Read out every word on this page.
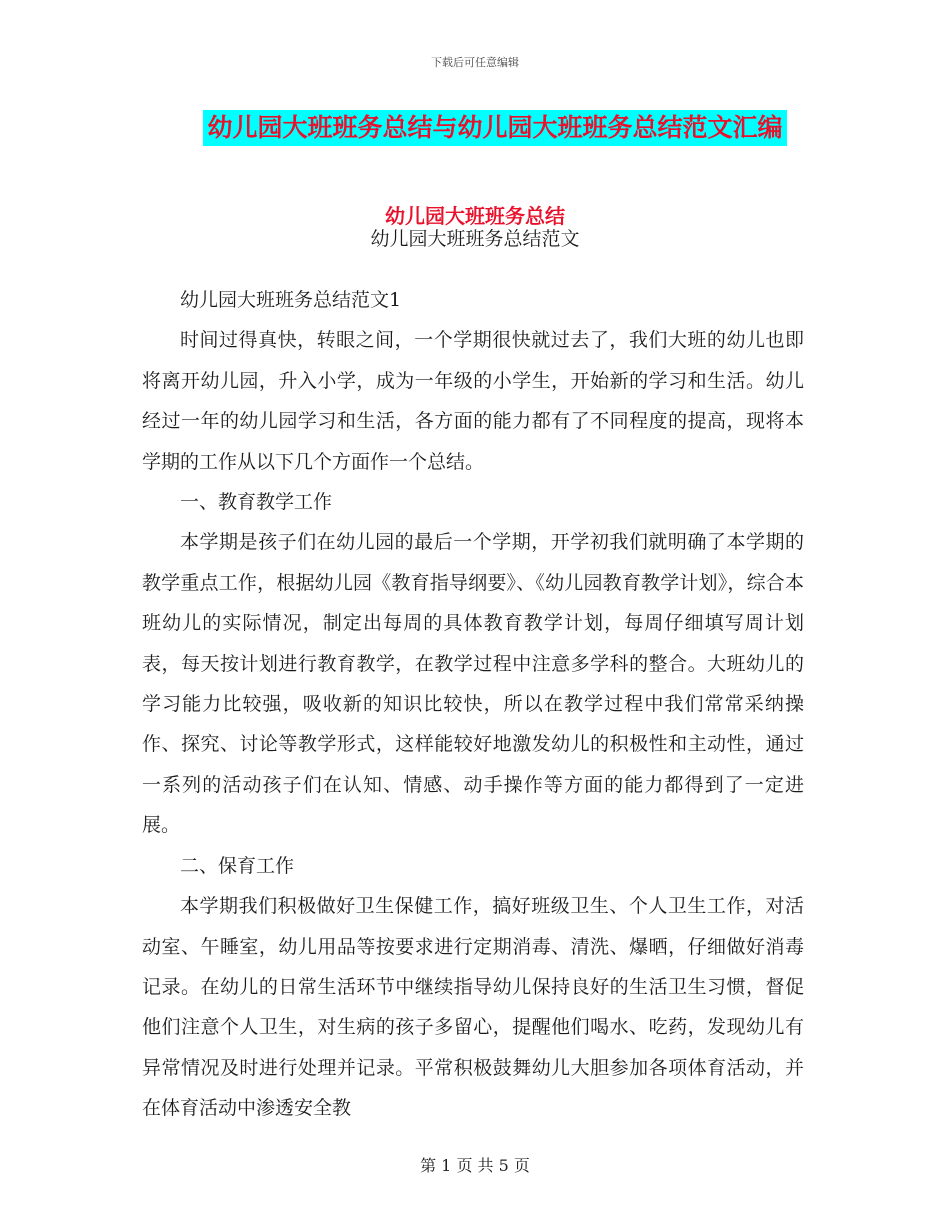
下载后可任意编辑
幼儿园大班班务总结与幼儿园大班班务总结范文汇编
幼儿园大班班务总结
幼儿园大班班务总结范文

幼儿园大班班务总结范文1

时间过得真快，转眼之间，一个学期很快就过去了，我们大班的幼儿也即将离开幼儿园，升入小学，成为一年级的小学生，开始新的学习和生活。幼儿经过一年的幼儿园学习和生活，各方面的能力都有了不同程度的提高，现将本学期的工作从以下几个方面作一个总结。

一、教育教学工作

本学期是孩子们在幼儿园的最后一个学期，开学初我们就明确了本学期的教学重点工作，根据幼儿园《教育指导纲要》、《幼儿园教育教学计划》，综合本班幼儿的实际情况，制定出每周的具体教育教学计划，每周仔细填写周计划表，每天按计划进行教育教学，在教学过程中注意多学科的整合。大班幼儿的学习能力比较强，吸收新的知识比较快，所以在教学过程中我们常常采纳操作、探究、讨论等教学形式，这样能较好地激发幼儿的积极性和主动性，通过一系列的活动孩子们在认知、情感、动手操作等方面的能力都得到了一定进展。

二、保育工作

本学期我们积极做好卫生保健工作，搞好班级卫生、个人卫生工作，对活动室、午睡室，幼儿用品等按要求进行定期消毒、清洗、爆晒，仔细做好消毒记录。在幼儿的日常生活环节中继续指导幼儿保持良好的生活卫生习惯，督促他们注意个人卫生，对生病的孩子多留心，提醒他们喝水、吃药，发现幼儿有异常情况及时进行处理并记录。平常积极鼓舞幼儿大胆参加各项体育活动，并在体育活动中渗透安全教

第 1 页 共 5 页
